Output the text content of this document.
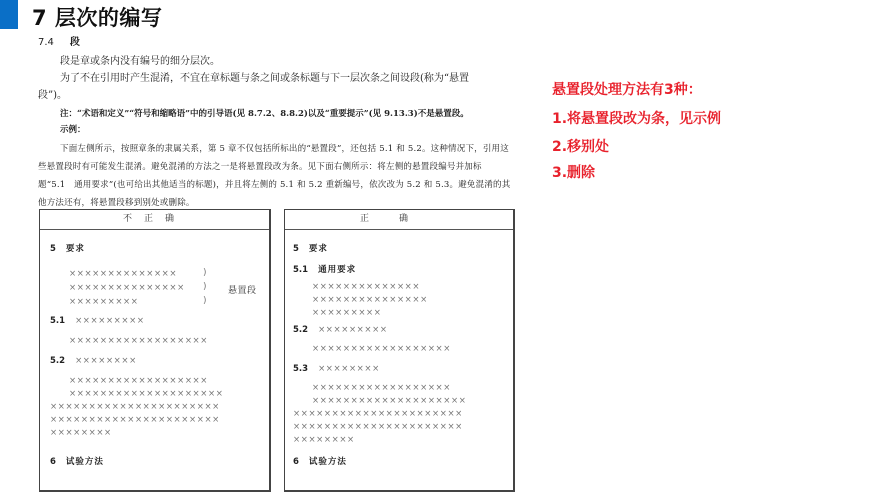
7 层次的编写
7.4 段
段是章或条内没有编号的细分层次。
为了不在引用时产生混淆，不宜在章标题与条之间或条标题与下一层次条之间设段(称为“悬置
段”)。
注：“术语和定义”“符号和缩略语”中的引导语(见 8.7.2、8.8.2)以及“重要提示”(见 9.13.3)不是悬置段。
示例：
下面左侧所示，按照章条的隶属关系，第 5 章不仅包括所标出的“悬置段”，还包括 5.1 和 5.2。这种情况下，引用这
些悬置段时有可能发生混淆。避免混淆的方法之一是将悬置段改为条。见下面右侧所示：将左侧的悬置段编号并加标
题“5.1　通用要求”(也可给出其他适当的标题)，并且将左侧的 5.1 和 5.2 重新编号，依次改为 5.2 和 5.3。避免混淆的其
他方法还有，将悬置段移到别处或删除。
不正确
5 要求
××××××××××××××
×××××××××××××××
×××××××××
)
)
)
悬置段
5.1 ×××××××××
××××××××××××××××××
5.2 ××××××××
××××××××××××××××××
××××××××××××××××××××
××××××××××××××××××××××
××××××××××××××××××××××
××××××××
6 试验方法
正确
5 要求
5.1 通用要求
××××××××××××××
×××××××××××××××
×××××××××
5.2 ×××××××××
××××××××××××××××××
5.3 ××××××××
××××××××××××××××××
××××××××××××××××××××
××××××××××××××××××××××
××××××××××××××××××××××
××××××××
6 试验方法
悬置段处理方法有3种：
1.将悬置段改为条，见示例
2.移别处
3.删除
